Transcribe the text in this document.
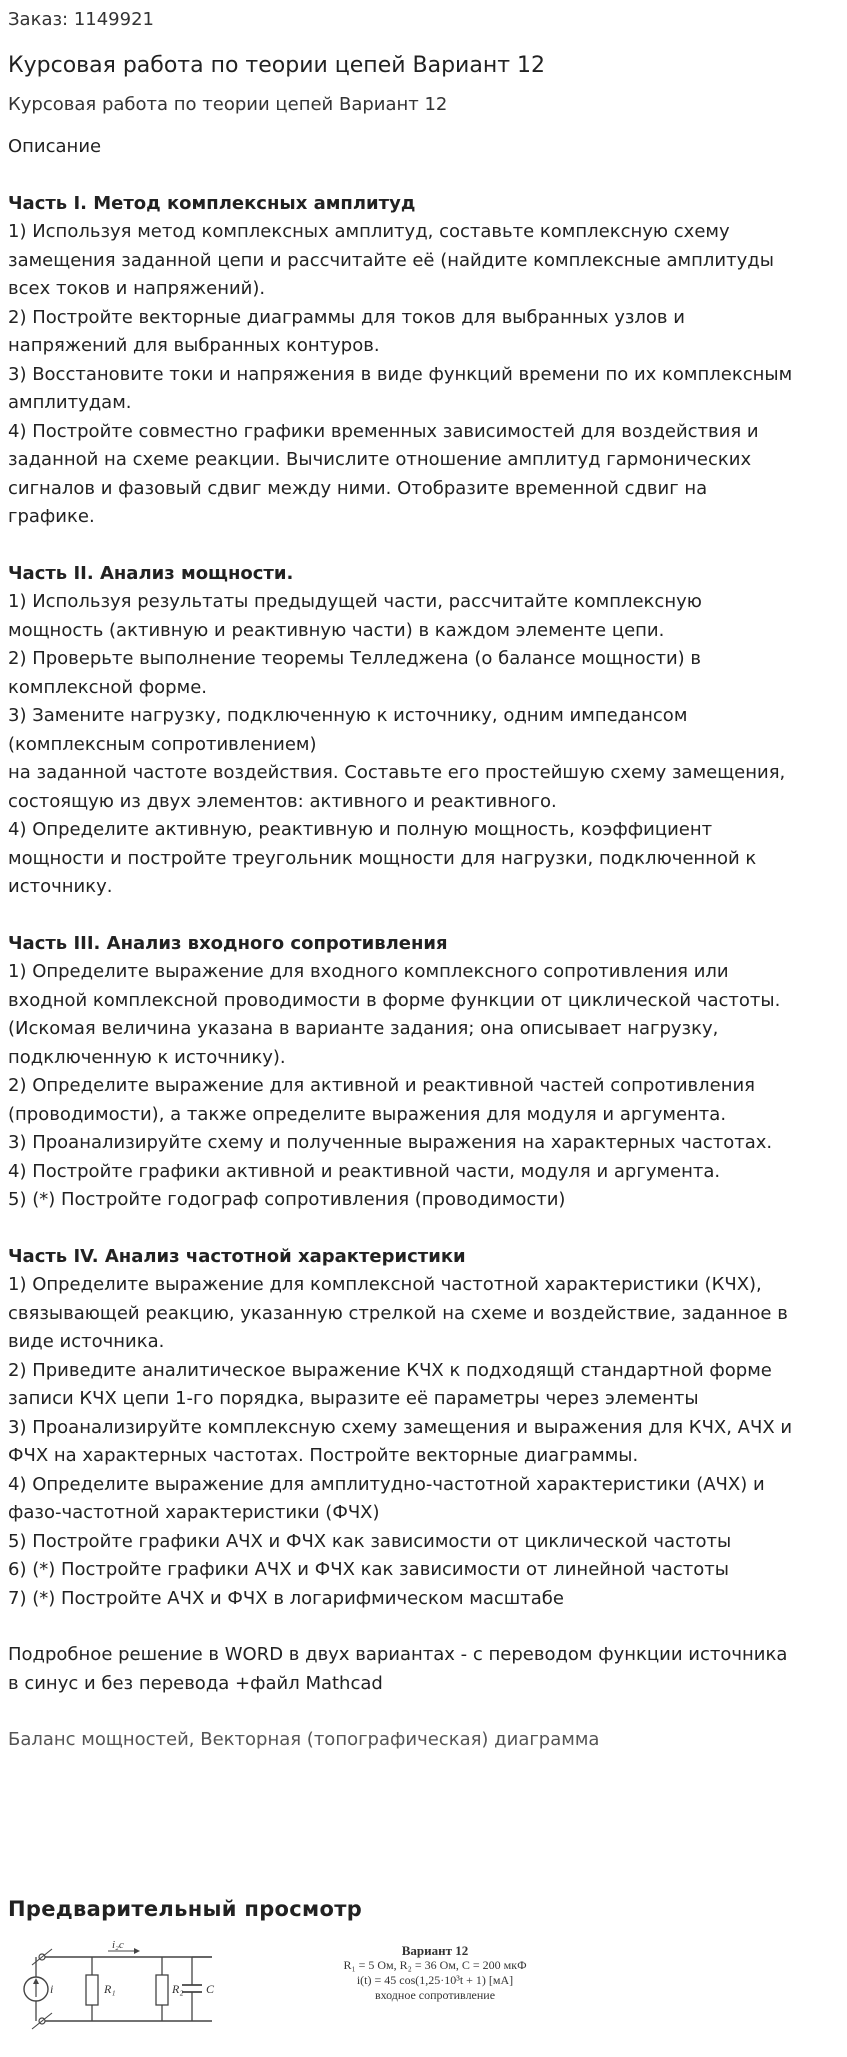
Заказ: 1149921

Курсовая работа по теории цепей Вариант 12

Курсовая работа по теории цепей Вариант 12

Описание

Часть I. Метод комплексных амплитуд

1) Используя метод комплексных амплитуд, составьте комплексную схему

замещения заданной цепи и рассчитайте её (найдите комплексные амплитуды

всех токов и напряжений).

2) Постройте векторные диаграммы для токов для выбранных узлов и

напряжений для выбранных контуров.

3) Восстановите токи и напряжения в виде функций времени по их комплексным

амплитудам.

4) Постройте совместно графики временных зависимостей для воздействия и

заданной на схеме реакции. Вычислите отношение амплитуд гармонических

сигналов и фазовый сдвиг между ними. Отобразите временной сдвиг на

графике.

Часть II. Анализ мощности.

1) Используя результаты предыдущей части, рассчитайте комплексную

мощность (активную и реактивную части) в каждом элементе цепи.

2) Проверьте выполнение теоремы Телледжена (о балансе мощности) в

комплексной форме.

3) Замените нагрузку, подключенную к источнику, одним импедансом

(комплексным сопротивлением)

на заданной частоте воздействия. Составьте его простейшую схему замещения,

состоящую из двух элементов: активного и реактивного.

4) Определите активную, реактивную и полную мощность, коэффициент

мощности и постройте треугольник мощности для нагрузки, подключенной к

источнику.

Часть III. Анализ входного сопротивления

1) Определите выражение для входного комплексного сопротивления или

входной комплексной проводимости в форме функции от циклической частоты.

(Искомая величина указана в варианте задания; она описывает нагрузку,

подключенную к источнику).

2) Определите выражение для активной и реактивной частей сопротивления

(проводимости), а также определите выражения для модуля и аргумента.

3) Проанализируйте схему и полученные выражения на характерных частотах.

4) Постройте графики активной и реактивной части, модуля и аргумента.

5) (*) Постройте годограф сопротивления (проводимости)

Часть IV. Анализ частотной характеристики

1) Определите выражение для комплексной частотной характеристики (КЧХ),

связывающей реакцию, указанную стрелкой на схеме и воздействие, заданное в

виде источника.

2) Приведите аналитическое выражение КЧХ к подходящй стандартной форме

записи КЧХ цепи 1-го порядка, выразите её параметры через элементы

3) Проанализируйте комплексную схему замещения и выражения для КЧХ, АЧХ и

ФЧХ на характерных частотах. Постройте векторные диаграммы.

4) Определите выражение для амплитудно-частотной характеристики (АЧХ) и

фазо-частотной характеристики (ФЧХ)

5) Постройте графики АЧХ и ФЧХ как зависимости от циклической частоты

6) (*) Постройте графики АЧХ и ФЧХ как зависимости от линейной частоты

7) (*) Постройте АЧХ и ФЧХ в логарифмическом масштабе

Подробное решение в WORD в двух вариантах - с переводом функции источника

в синус и без перевода +файл Mathcad

Баланс мощностей, Векторная (топографическая) диаграмма

Предварительный просмотр
i	R₁	R₂ C
i₂c	Вариант 12
R₁ = 5 Ом, R₂ = 36 Ом, C = 200 мкФ
i(t) = 45 cos(1,25·10³t + 1) [мА]
входное сопротивление
